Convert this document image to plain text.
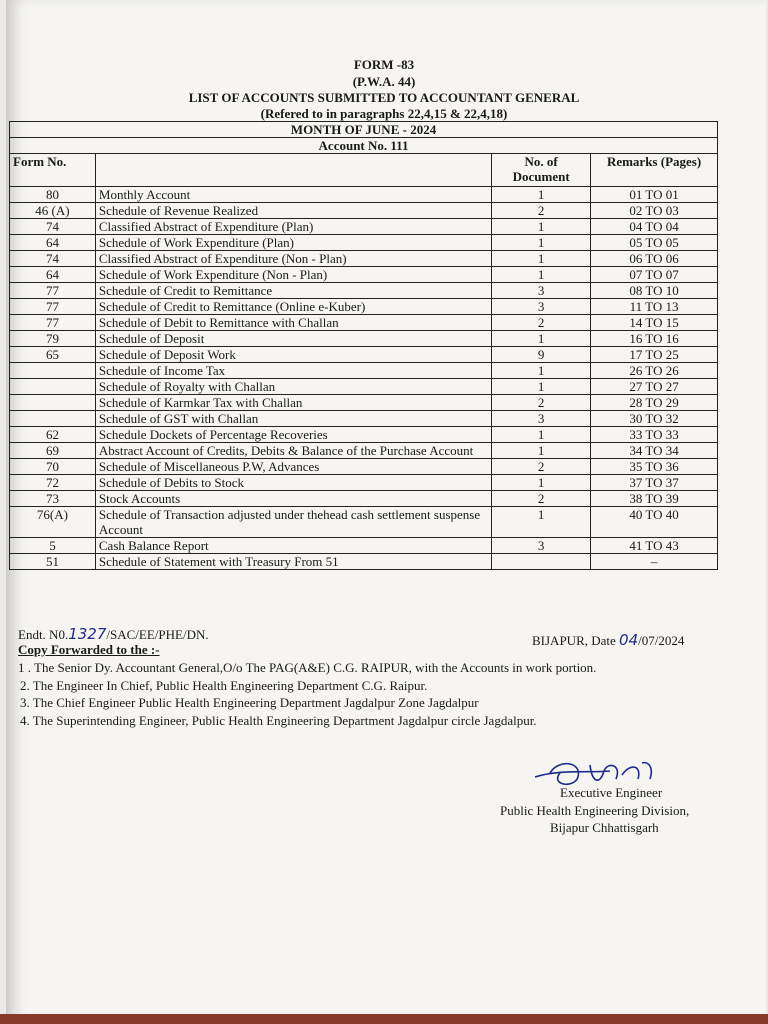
FORM -83
(P.W.A. 44)
LIST OF ACCOUNTS SUBMITTED TO ACCOUNTANT GENERAL
(Refered to in paragraphs 22,4,15 & 22,4,18)
MONTH OF JUNE - 2024			
Account No. 111			
Form No.		No. of Document	Remarks (Pages)
80	Monthly Account	1	01 TO 01
46 (A)	Schedule of Revenue Realized	2	02 TO 03
74	Classified Abstract of Expenditure (Plan)	1	04 TO 04
64	Schedule of Work Expenditure (Plan)	1	05 TO 05
74	Classified Abstract of Expenditure (Non - Plan)	1	06 TO 06
64	Schedule of Work Expenditure (Non - Plan)	1	07 TO 07
77	Schedule of Credit to Remittance	3	08 TO 10
77	Schedule of Credit to Remittance (Online e-Kuber)	3	11 TO 13
77	Schedule of Debit to Remittance with Challan	2	14 TO 15
79	Schedule of Deposit	1	16 TO 16
65	Schedule of Deposit Work	9	17 TO 25
	Schedule of Income Tax	1	26 TO 26
	Schedule of Royalty with Challan	1	27 TO 27
	Schedule of Karmkar Tax with Challan	2	28 TO 29
	Schedule of GST with Challan	3	30 TO 32
62	Schedule Dockets of Percentage Recoveries	1	33 TO 33
69	Abstract Account of Credits, Debits & Balance of the Purchase Account	1	34 TO 34
70	Schedule of Miscellaneous P.W, Advances	2	35 TO 36
72	Schedule of Debits to Stock	1	37 TO 37
73	Stock Accounts	2	38 TO 39
76(A)	Schedule of Transaction adjusted under thehead cash settlement suspense Account	1	40 TO 40
5	Cash Balance Report	3	41 TO 43
51	Schedule of Statement with Treasury From 51		–
Endt. N0.1327/SAC/EE/PHE/DN.	BIJAPUR, Date 04/07/2024
Copy Forwarded to the :-
1 . The Senior Dy. Accountant General,O/o The PAG(A&E) C.G. RAIPUR, with the Accounts in work portion.
2. The Engineer In Chief, Public Health Engineering Department C.G. Raipur.
3. The Chief Engineer Public Health Engineering Department Jagdalpur Zone Jagdalpur
4. The Superintending Engineer, Public Health Engineering Department Jagdalpur circle Jagdalpur.
Executive Engineer
Public Health Engineering Division,
Bijapur Chhattisgarh
